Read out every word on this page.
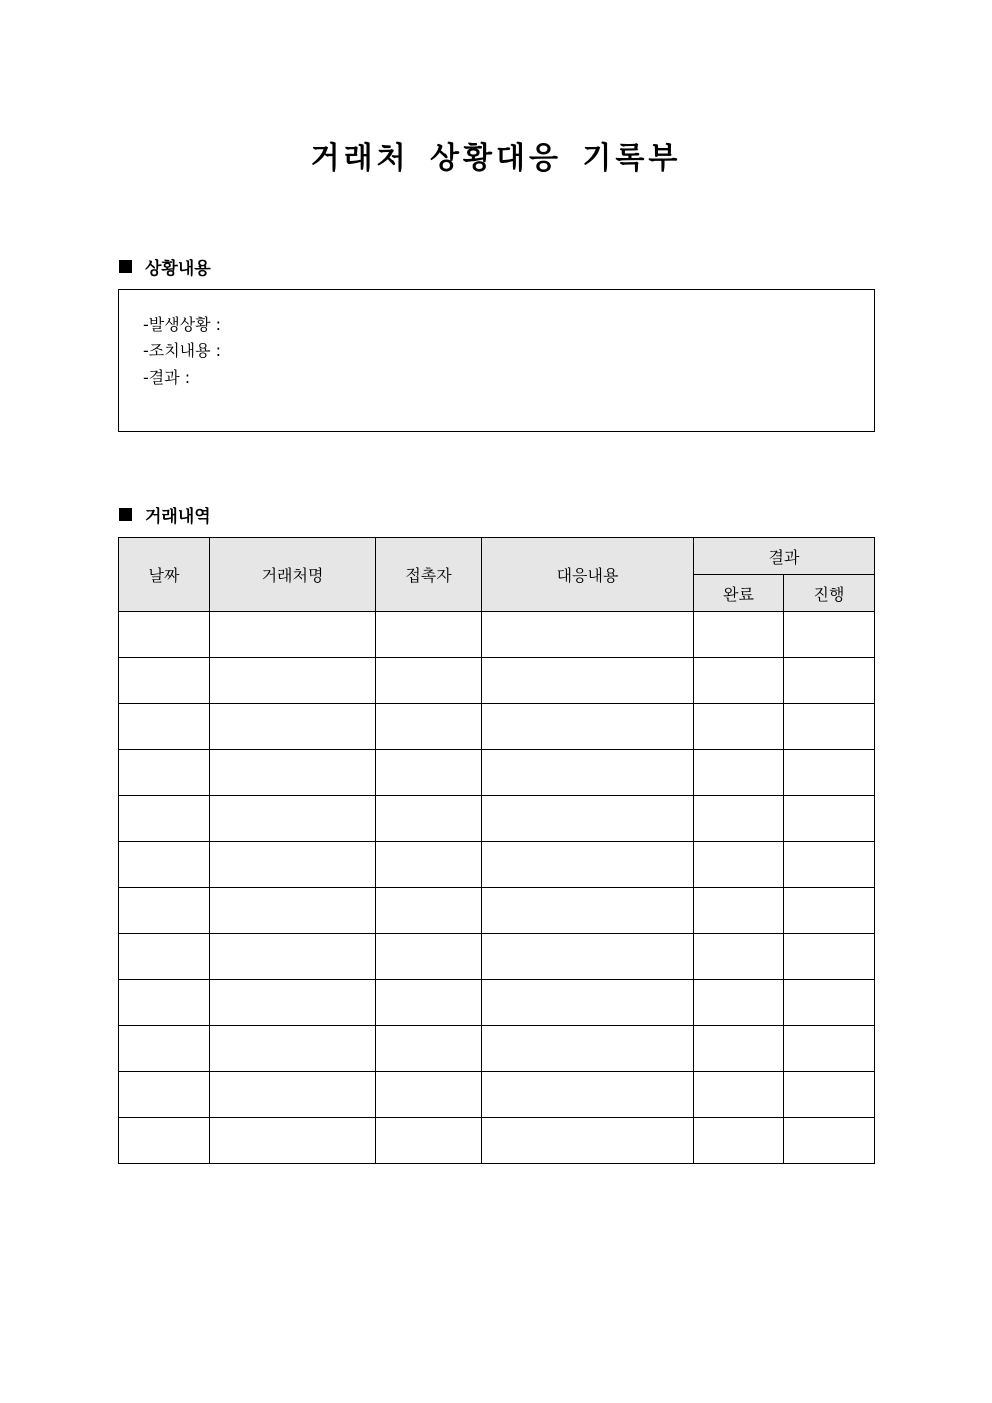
거래처 상황대응 기록부
상황내용
-발생상황 :
-조치내용 :
-결과 :
거래내역
날짜	거래처명	접촉자	대응내용	결과	
				완료	진행
